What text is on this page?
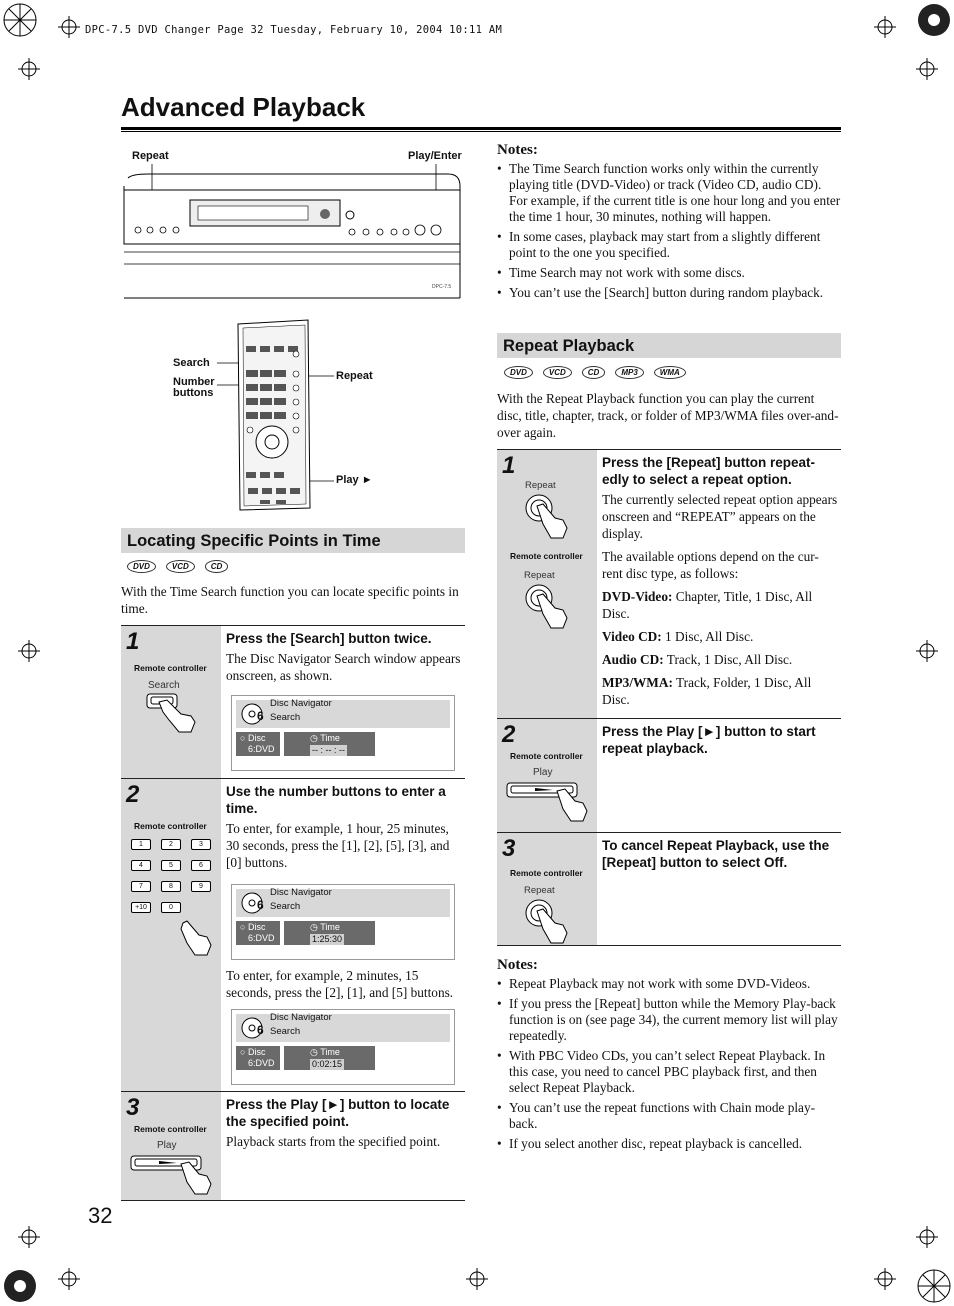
DPC-7.5 DVD Changer Page 32 Tuesday, February 10, 2004 10:11 AM
Advanced Playback
Repeat	Play/Enter
DPC-7.5
Search
Number
buttons
Repeat
Play ►
Locating Specific Points in Time
DVD	VCD	CD
With the Time Search function you can locate specific points in time.
1
Remote controller
Search
Press the [Search] button twice.

The Disc Navigator Search window appears onscreen, as shown.

6
Disc Navigator
Search
○ Disc
6:DVD
◷ Time
-- : -- : --
2
Remote controller
1	2	3
4	5	6
7	8	9
+10	0
Use the number buttons to enter a time.

To enter, for example, 1 hour, 25 minutes, 30 seconds, press the [1], [2], [5], [3], and [0] buttons.

6
Disc Navigator
Search
○ Disc
6:DVD
◷ Time
1:25:30

To enter, for example, 2 minutes, 15 seconds, press the [2], [1], and [5] buttons.

6
Disc Navigator
Search
○ Disc
6:DVD
◷ Time
0:02:15
3
Remote controller
Play
Press the Play [►] button to locate the specified point.

Playback starts from the specified point.

32
Notes:
• The Time Search function works only within the currently playing title (DVD-Video) or track (Video CD, audio CD). For example, if the current title is one hour long and you enter the time 1 hour, 30 minutes, nothing will happen.
• In some cases, playback may start from a slightly different point to the one you specified.
• Time Search may not work with some discs.
• You can’t use the [Search] button during random playback.
Repeat Playback
DVD	VCD	CD	MP3	WMA
With the Repeat Playback function you can play the current disc, title, chapter, track, or folder of MP3/WMA files over-and-over again.
1
Repeat
Remote controller
Repeat
Press the [Repeat] button repeat-edly to select a repeat option.

The currently selected repeat option appears onscreen and “REPEAT” appears on the display.

The available options depend on the cur-rent disc type, as follows:

DVD-Video: Chapter, Title, 1 Disc, All Disc.

Video CD: 1 Disc, All Disc.

Audio CD: Track, 1 Disc, All Disc.

MP3/WMA: Track, Folder, 1 Disc, All Disc.

2
Remote controller
Play
Press the Play [►] button to start repeat playback.
3
Remote controller
Repeat
To cancel Repeat Playback, use the [Repeat] button to select Off.
Notes:
• Repeat Playback may not work with some DVD-Videos.
• If you press the [Repeat] button while the Memory Play-back function is on (see page 34), the current memory list will play repeatedly.
• With PBC Video CDs, you can’t select Repeat Playback. In this case, you need to cancel PBC playback first, and then select Repeat Playback.
• You can’t use the repeat functions with Chain mode play-back.
• If you select another disc, repeat playback is cancelled.
